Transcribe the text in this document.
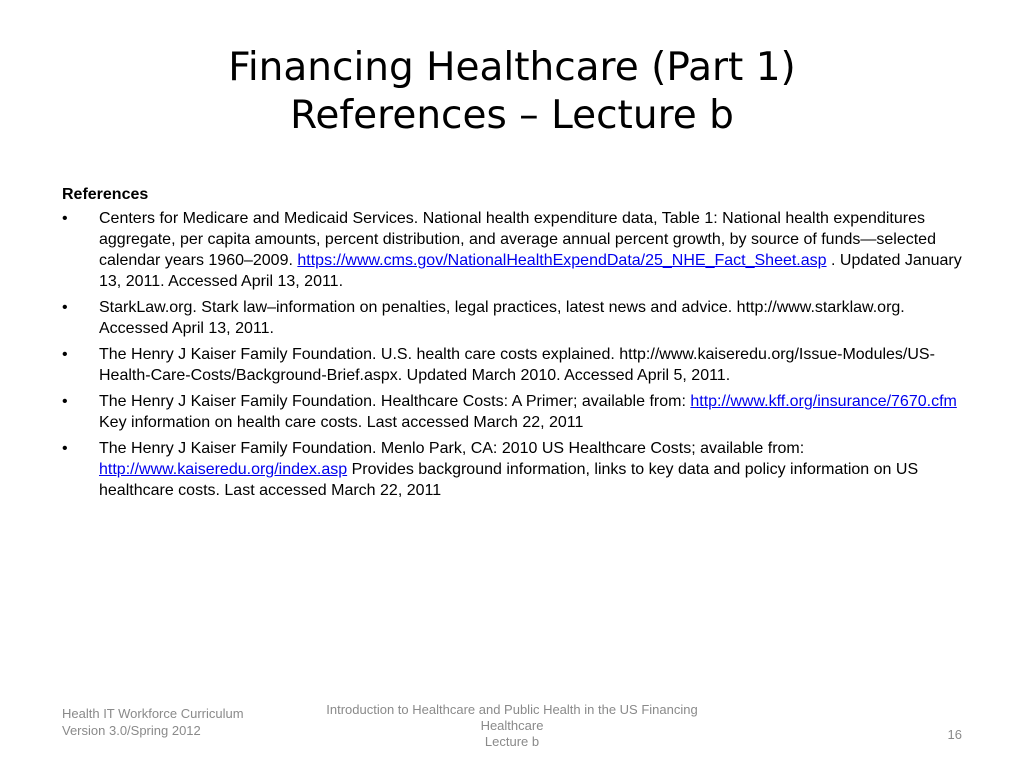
Financing Healthcare (Part 1)
References – Lecture b
References
• Centers for Medicare and Medicaid Services. National health expenditure data, Table 1: National health expenditures aggregate, per capita amounts, percent distribution, and average annual percent growth, by source of funds—selected calendar years 1960–2009. https://www.cms.gov/NationalHealthExpendData/25_NHE_Fact_Sheet.asp . Updated January 13, 2011. Accessed April 13, 2011.
• StarkLaw.org. Stark law–information on penalties, legal practices, latest news and advice. http://www.starklaw.org. Accessed April 13, 2011.
• The Henry J Kaiser Family Foundation. U.S. health care costs explained. http://www.kaiseredu.org/Issue-Modules/US-Health-Care-Costs/Background-Brief.aspx. Updated March 2010. Accessed April 5, 2011.
• The Henry J Kaiser Family Foundation. Healthcare Costs: A Primer; available from: http://www.kff.org/insurance/7670.cfm Key information on health care costs. Last accessed March 22, 2011
• The Henry J Kaiser Family Foundation. Menlo Park, CA: 2010 US Healthcare Costs; available from: http://www.kaiseredu.org/index.asp Provides background information, links to key data and policy information on US healthcare costs. Last accessed March 22, 2011
Health IT Workforce Curriculum
Version 3.0/Spring 2012
Introduction to Healthcare and Public Health in the US Financing
Healthcare
Lecture b	16
